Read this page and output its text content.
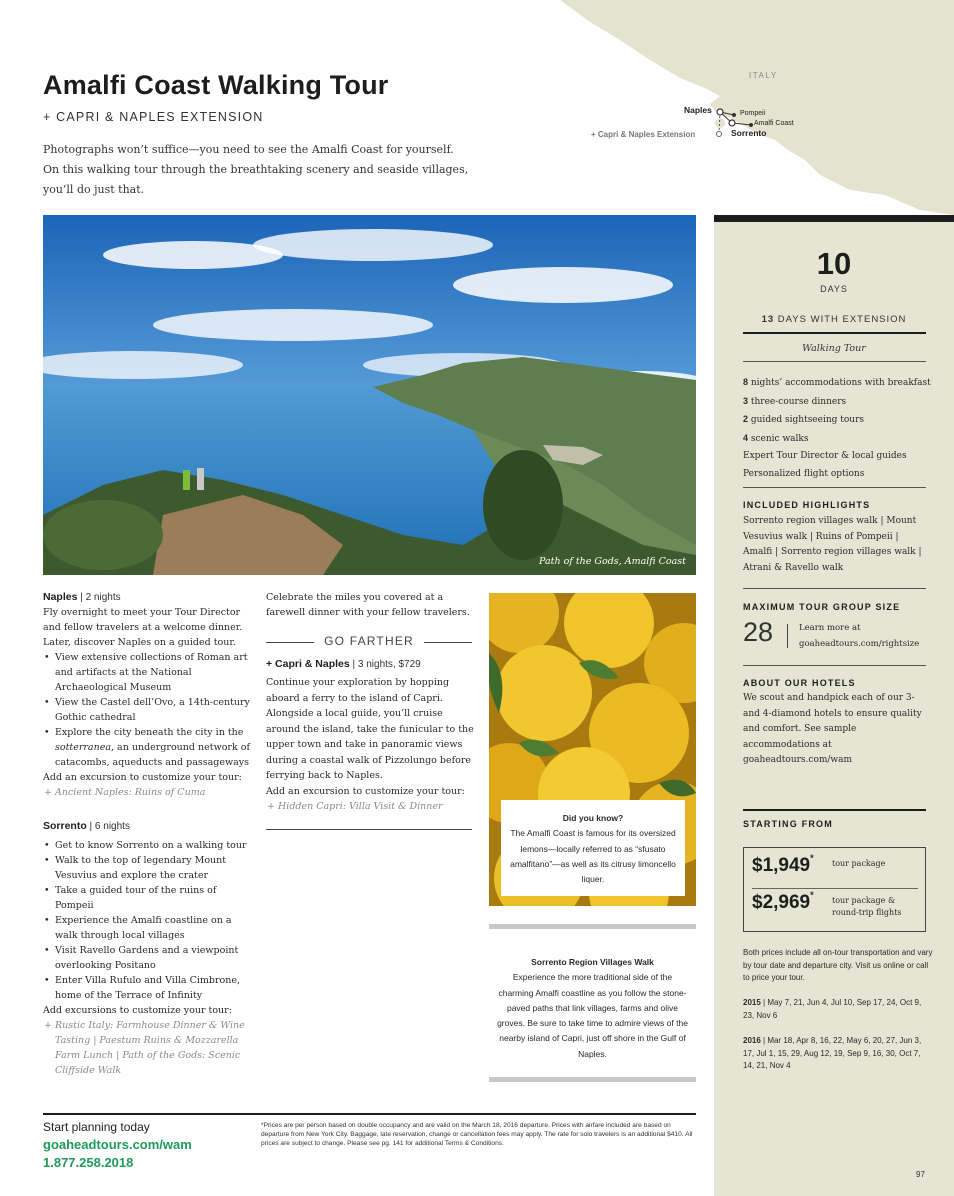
ITALY
Naples	Pompeii
Amalfi Coast
Sorrento
+ Capri & Naples Extension
Amalfi Coast Walking Tour
+ CAPRI & NAPLES EXTENSION

Photographs won’t suffice—you need to see the Amalfi Coast for yourself. On this walking tour through the breathtaking scenery and seaside villages, you’ll do just that.

Path of the Gods, Amalfi Coast
10
DAYS
13 DAYS WITH EXTENSION
Walking Tour
8 nights’ accommodations with breakfast
3 three-course dinners
2 guided sightseeing tours
4 scenic walks
Expert Tour Director & local guides
Personalized flight options
INCLUDED HIGHLIGHTS
Sorrento region villages walk | Mount Vesuvius walk | Ruins of Pompeii | Amalfi | Sorrento region villages walk | Atrani & Ravello walk
MAXIMUM TOUR GROUP SIZE
28	Learn more at
goaheadtours.com/rightsize
ABOUT OUR HOTELS
We scout and handpick each of our 3- and 4-diamond hotels to ensure quality and comfort. See sample accommodations at goaheadtours.com/wam
STARTING FROM
$1,949*
tour package
$2,969*
tour package &
round-trip flights
Both prices include all on-tour transportation and vary by tour date and departure city. Visit us online or call to price your tour.
2015 | May 7, 21, Jun 4, Jul 10, Sep 17, 24, Oct 9, 23, Nov 6
2016 | Mar 18, Apr 8, 16, 22, May 6, 20, 27, Jun 3, 17, Jul 1, 15, 29, Aug 12, 19, Sep 9, 16, 30, Oct 7, 14, 21, Nov 4
97
Naples | 2 nights

Fly overnight to meet your Tour Director and fellow travelers at a welcome dinner. Later, discover Naples on a guided tour.

• View extensive collections of Roman art and artifacts at the National Archaeological Museum
• View the Castel dell’Ovo, a 14th-century Gothic cathedral
• Explore the city beneath the city in the sotterranea, an underground network of catacombs, aqueducts and passageways

Add an excursion to customize your tour:

+ Ancient Naples: Ruins of Cuma
Sorrento | 6 nights
• Get to know Sorrento on a walking tour
• Walk to the top of legendary Mount Vesuvius and explore the crater
• Take a guided tour of the ruins of Pompeii
• Experience the Amalfi coastline on a walk through local villages
• Visit Ravello Gardens and a viewpoint overlooking Positano
• Enter Villa Rufulo and Villa Cimbrone, home of the Terrace of Infinity

Add excursions to customize your tour:

+ Rustic Italy: Farmhouse Dinner & Wine Tasting | Paestum Ruins & Mozzarella Farm Lunch | Path of the Gods: Scenic Cliffside Walk
Celebrate the miles you covered at a farewell dinner with your fellow travelers.
GO FARTHER
+ Capri & Naples | 3 nights, $729

Continue your exploration by hopping aboard a ferry to the island of Capri. Alongside a local guide, you’ll cruise around the island, take the funicular to the upper town and take in panoramic views during a coastal walk of Pizzolungo before ferrying back to Naples.

Add an excursion to customize your tour:

+ Hidden Capri: Villa Visit & Dinner
Did you know?
The Amalfi Coast is famous for its oversized lemons—locally referred to as “sfusato amalfitano”—as well as its citrusy limoncello liquer.
Sorrento Region Villages Walk
Experience the more traditional side of the charming Amalfi coastline as you follow the stone-paved paths that link villages, farms and olive groves. Be sure to take time to admire views of the nearby island of Capri, just off shore in the Gulf of Naples.
Start planning today
goaheadtours.com/wam
1.877.258.2018
*Prices are per person based on double occupancy and are valid on the March 18, 2016 departure. Prices with airfare included are based on departure from New York City. Baggage, late reservation, change or cancellation fees may apply. The rate for solo travelers is an additional $410. All prices are subject to change. Please see pg. 141 for additional Terms & Conditions.
